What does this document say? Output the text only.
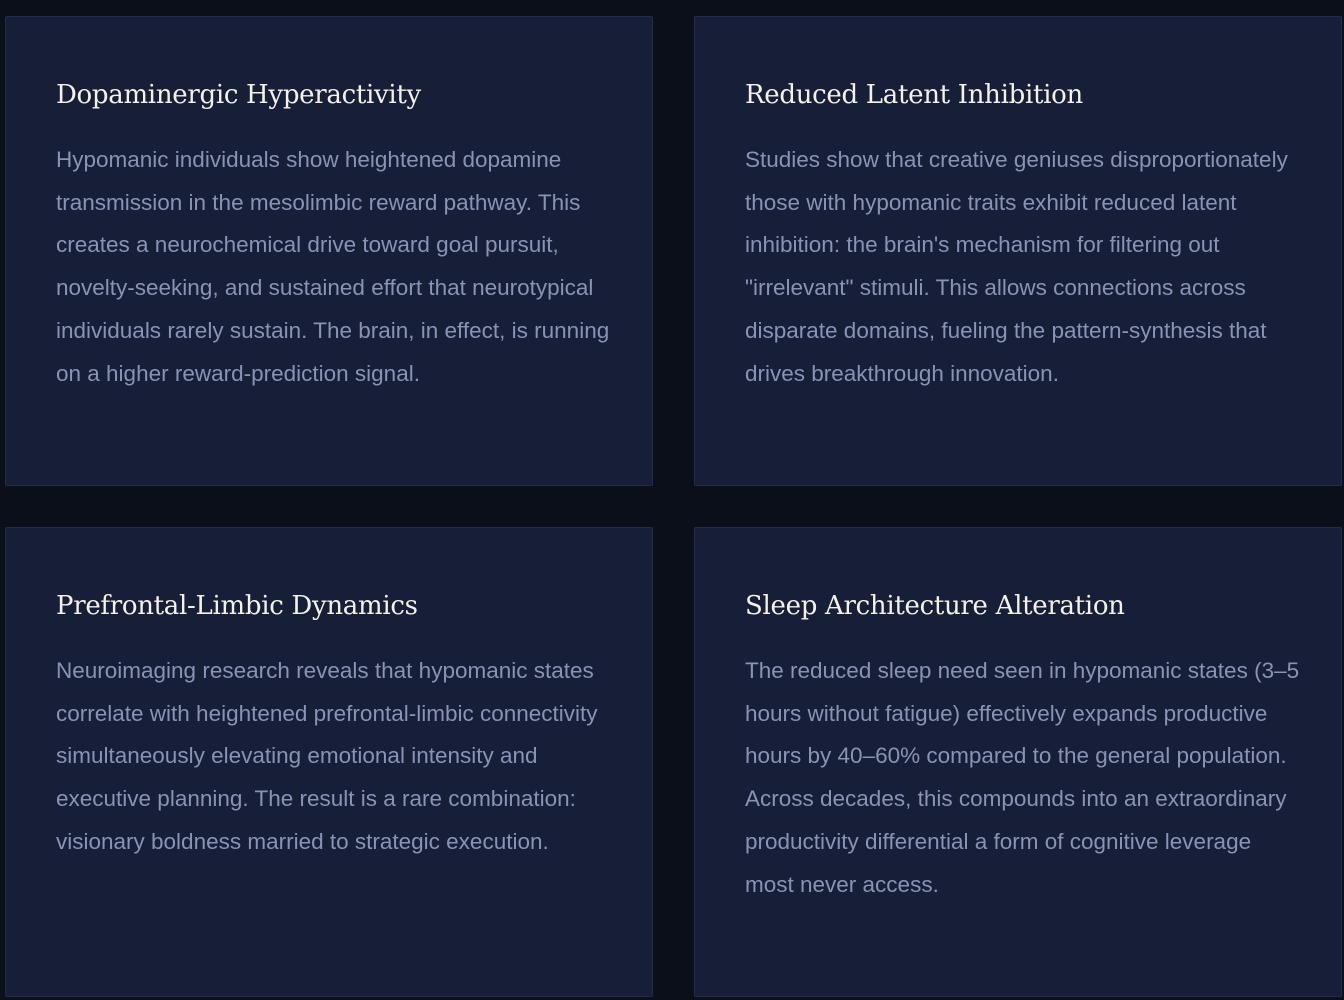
Dopaminergic Hyperactivity

Hypomanic individuals show heightened dopamine transmission in the mesolimbic reward pathway. This creates a neurochemical drive toward goal pursuit, novelty-seeking, and sustained effort that neurotypical individuals rarely sustain. The brain, in effect, is running on a higher reward-prediction signal.

Reduced Latent Inhibition

Studies show that creative geniuses disproportionately those with hypomanic traits exhibit reduced latent inhibition: the brain's mechanism for filtering out "irrelevant" stimuli. This allows connections across disparate domains, fueling the pattern-synthesis that drives breakthrough innovation.

Prefrontal-Limbic Dynamics

Neuroimaging research reveals that hypomanic states correlate with heightened prefrontal-limbic connectivity simultaneously elevating emotional intensity and executive planning. The result is a rare combination: visionary boldness married to strategic execution.

Sleep Architecture Alteration

The reduced sleep need seen in hypomanic states (3–5 hours without fatigue) effectively expands productive hours by 40–60% compared to the general population. Across decades, this compounds into an extraordinary productivity differential a form of cognitive leverage most never access.
